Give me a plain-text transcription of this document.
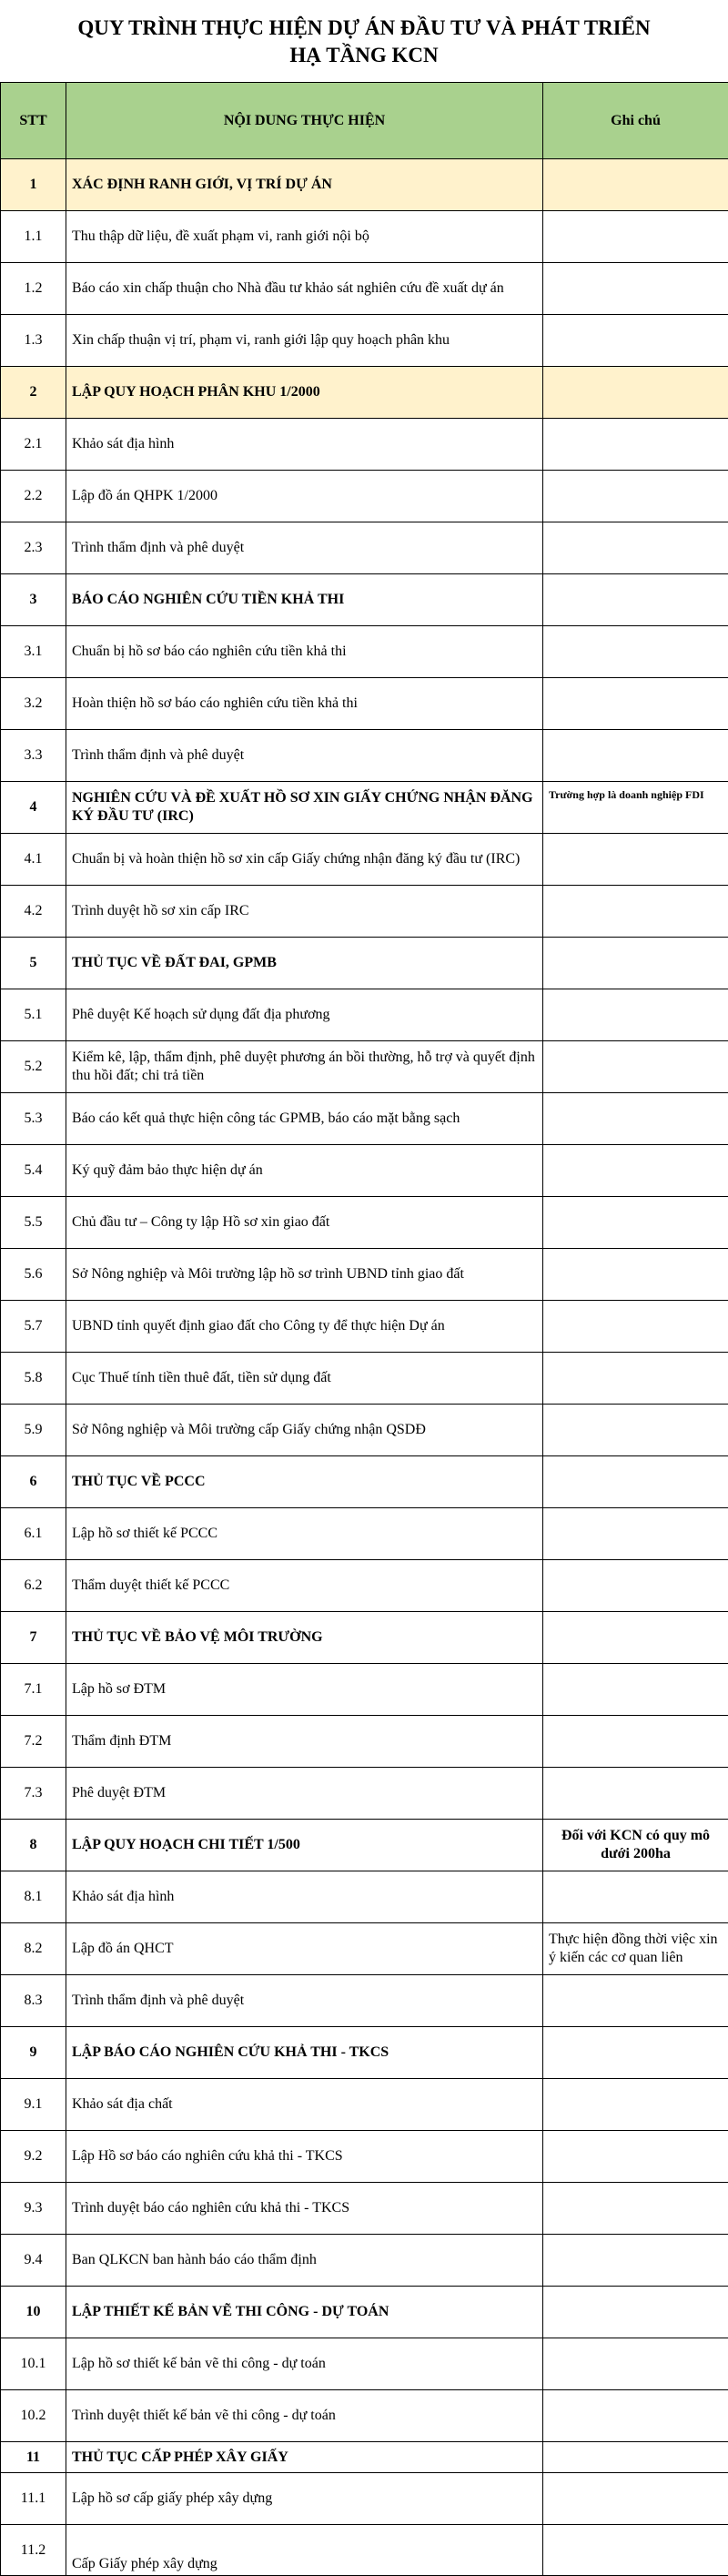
QUY TRÌNH THỰC HIỆN DỰ ÁN ĐẦU TƯ VÀ PHÁT TRIỂN
HẠ TẦNG KCN
STT	NỘI DUNG THỰC HIỆN	Ghi chú
1	XÁC ĐỊNH RANH GIỚI, VỊ TRÍ DỰ ÁN	
1.1	Thu thập dữ liệu, đề xuất phạm vi, ranh giới nội bộ	
1.2	Báo cáo xin chấp thuận cho Nhà đầu tư khảo sát nghiên cứu đề xuất dự án	
1.3	Xin chấp thuận vị trí, phạm vi, ranh giới lập quy hoạch phân khu	
2	LẬP QUY HOẠCH PHÂN KHU 1/2000	
2.1	Khảo sát địa hình	
2.2	Lập đồ án QHPK 1/2000	
2.3	Trình thẩm định và phê duyệt	
3	BÁO CÁO NGHIÊN CỨU TIỀN KHẢ THI	
3.1	Chuẩn bị hồ sơ báo cáo nghiên cứu tiền khả thi	
3.2	Hoàn thiện hồ sơ báo cáo nghiên cứu tiền khả thi	
3.3	Trình thẩm định và phê duyệt	
4	NGHIÊN CỨU VÀ ĐỀ XUẤT HỒ SƠ XIN GIẤY CHỨNG NHẬN ĐĂNG KÝ ĐẦU TƯ (IRC)	Trường hợp là doanh nghiệp FDI
4.1	Chuẩn bị và hoàn thiện hồ sơ xin cấp Giấy chứng nhận đăng ký đầu tư (IRC)	
4.2	Trình duyệt hồ sơ xin cấp IRC	
5	THỦ TỤC VỀ ĐẤT ĐAI, GPMB	
5.1	Phê duyệt Kế hoạch sử dụng đất địa phương	
5.2	Kiểm kê, lập, thẩm định, phê duyệt phương án bồi thường, hỗ trợ và quyết định thu hồi đất; chi trả tiền	
5.3	Báo cáo kết quả thực hiện công tác GPMB, báo cáo mặt bằng sạch	
5.4	Ký quỹ đảm bảo thực hiện dự án	
5.5	Chủ đầu tư – Công ty lập Hồ sơ xin giao đất	
5.6	Sở Nông nghiệp và Môi trường lập hồ sơ trình UBND tỉnh giao đất	
5.7	UBND tỉnh quyết định giao đất cho Công ty để thực hiện Dự án	
5.8	Cục Thuế tính tiền thuê đất, tiền sử dụng đất	
5.9	Sở Nông nghiệp và Môi trường cấp Giấy chứng nhận QSDĐ	
6	THỦ TỤC VỀ PCCC	
6.1	Lập hồ sơ thiết kế PCCC	
6.2	Thẩm duyệt thiết kế PCCC	
7	THỦ TỤC VỀ BẢO VỆ MÔI TRƯỜNG	
7.1	Lập hồ sơ ĐTM	
7.2	Thẩm định ĐTM	
7.3	Phê duyệt ĐTM	
8	LẬP QUY HOẠCH CHI TIẾT 1/500	Đối với KCN có quy mô dưới 200ha
8.1	Khảo sát địa hình	
8.2	Lập đồ án QHCT	Thực hiện đồng thời việc xin ý kiến các cơ quan liên
8.3	Trình thẩm định và phê duyệt	
9	LẬP BÁO CÁO NGHIÊN CỨU KHẢ THI - TKCS	
9.1	Khảo sát địa chất	
9.2	Lập Hồ sơ báo cáo nghiên cứu khả thi - TKCS	
9.3	Trình duyệt báo cáo nghiên cứu khả thi - TKCS	
9.4	Ban QLKCN ban hành báo cáo thẩm định	
10	LẬP THIẾT KẾ BẢN VẼ THI CÔNG - DỰ TOÁN	
10.1	Lập hồ sơ thiết kế bản vẽ thi công - dự toán	
10.2	Trình duyệt thiết kế bản vẽ thi công - dự toán	
11	THỦ TỤC CẤP PHÉP XÂY GIẤY	
11.1	Lập hồ sơ cấp giấy phép xây dựng	
11.2	Cấp Giấy phép xây dựng	
